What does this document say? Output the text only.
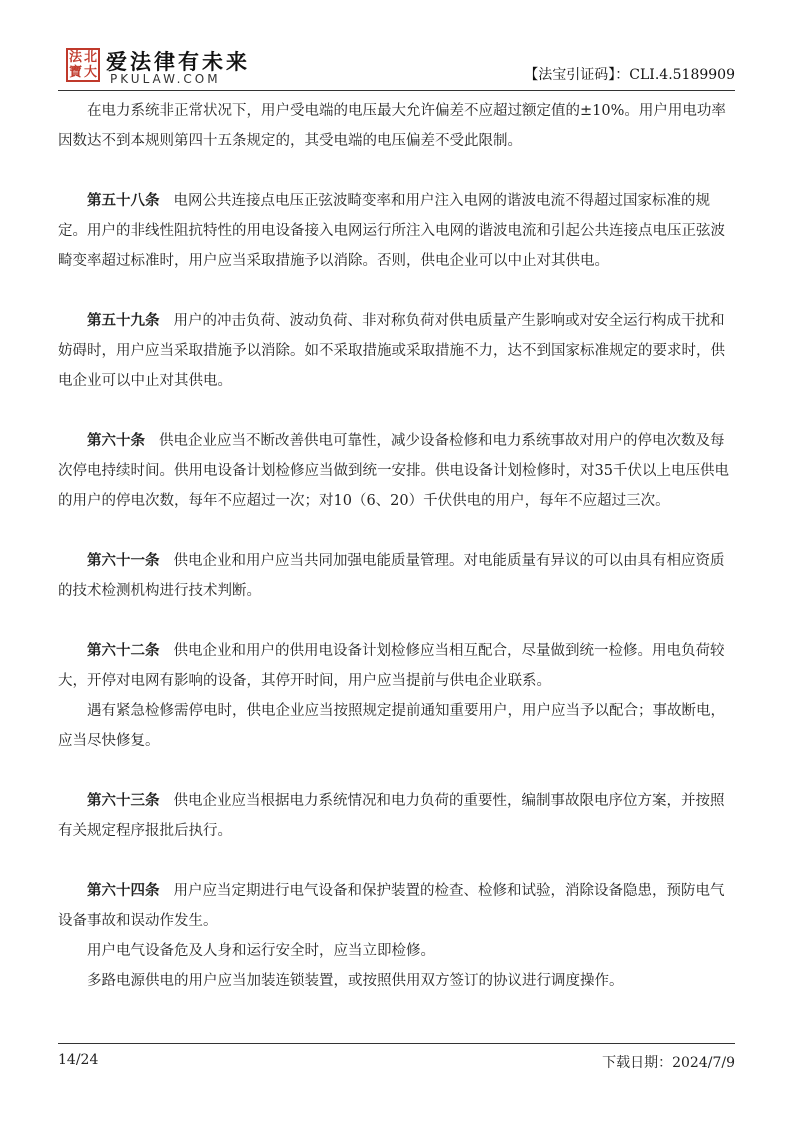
法 北
寶 大 爱法律有未来
PKULAW.COM	【法宝引证码】：CLI.4.5189909

在电力系统非正常状况下，用户受电端的电压最大允许偏差不应超过额定值的±10%。用户用电功率因数达不到本规则第四十五条规定的，其受电端的电压偏差不受此限制。

第五十八条 电网公共连接点电压正弦波畸变率和用户注入电网的谐波电流不得超过国家标准的规定。用户的非线性阻抗特性的用电设备接入电网运行所注入电网的谐波电流和引起公共连接点电压正弦波畸变率超过标准时，用户应当采取措施予以消除。否则，供电企业可以中止对其供电。

第五十九条 用户的冲击负荷、波动负荷、非对称负荷对供电质量产生影响或对安全运行构成干扰和妨碍时，用户应当采取措施予以消除。如不采取措施或采取措施不力，达不到国家标准规定的要求时，供电企业可以中止对其供电。

第六十条 供电企业应当不断改善供电可靠性，减少设备检修和电力系统事故对用户的停电次数及每次停电持续时间。供用电设备计划检修应当做到统一安排。供电设备计划检修时，对35千伏以上电压供电的用户的停电次数，每年不应超过一次；对10（6、20）千伏供电的用户，每年不应超过三次。

第六十一条 供电企业和用户应当共同加强电能质量管理。对电能质量有异议的可以由具有相应资质的技术检测机构进行技术判断。

第六十二条 供电企业和用户的供用电设备计划检修应当相互配合，尽量做到统一检修。用电负荷较大，开停对电网有影响的设备，其停开时间，用户应当提前与供电企业联系。

遇有紧急检修需停电时，供电企业应当按照规定提前通知重要用户，用户应当予以配合；事故断电，应当尽快修复。

第六十三条 供电企业应当根据电力系统情况和电力负荷的重要性，编制事故限电序位方案，并按照有关规定程序报批后执行。

第六十四条 用户应当定期进行电气设备和保护装置的检查、检修和试验，消除设备隐患，预防电气设备事故和误动作发生。

用户电气设备危及人身和运行安全时，应当立即检修。

多路电源供电的用户应当加装连锁装置，或按照供用双方签订的协议进行调度操作。

14/24	下载日期：2024/7/9
